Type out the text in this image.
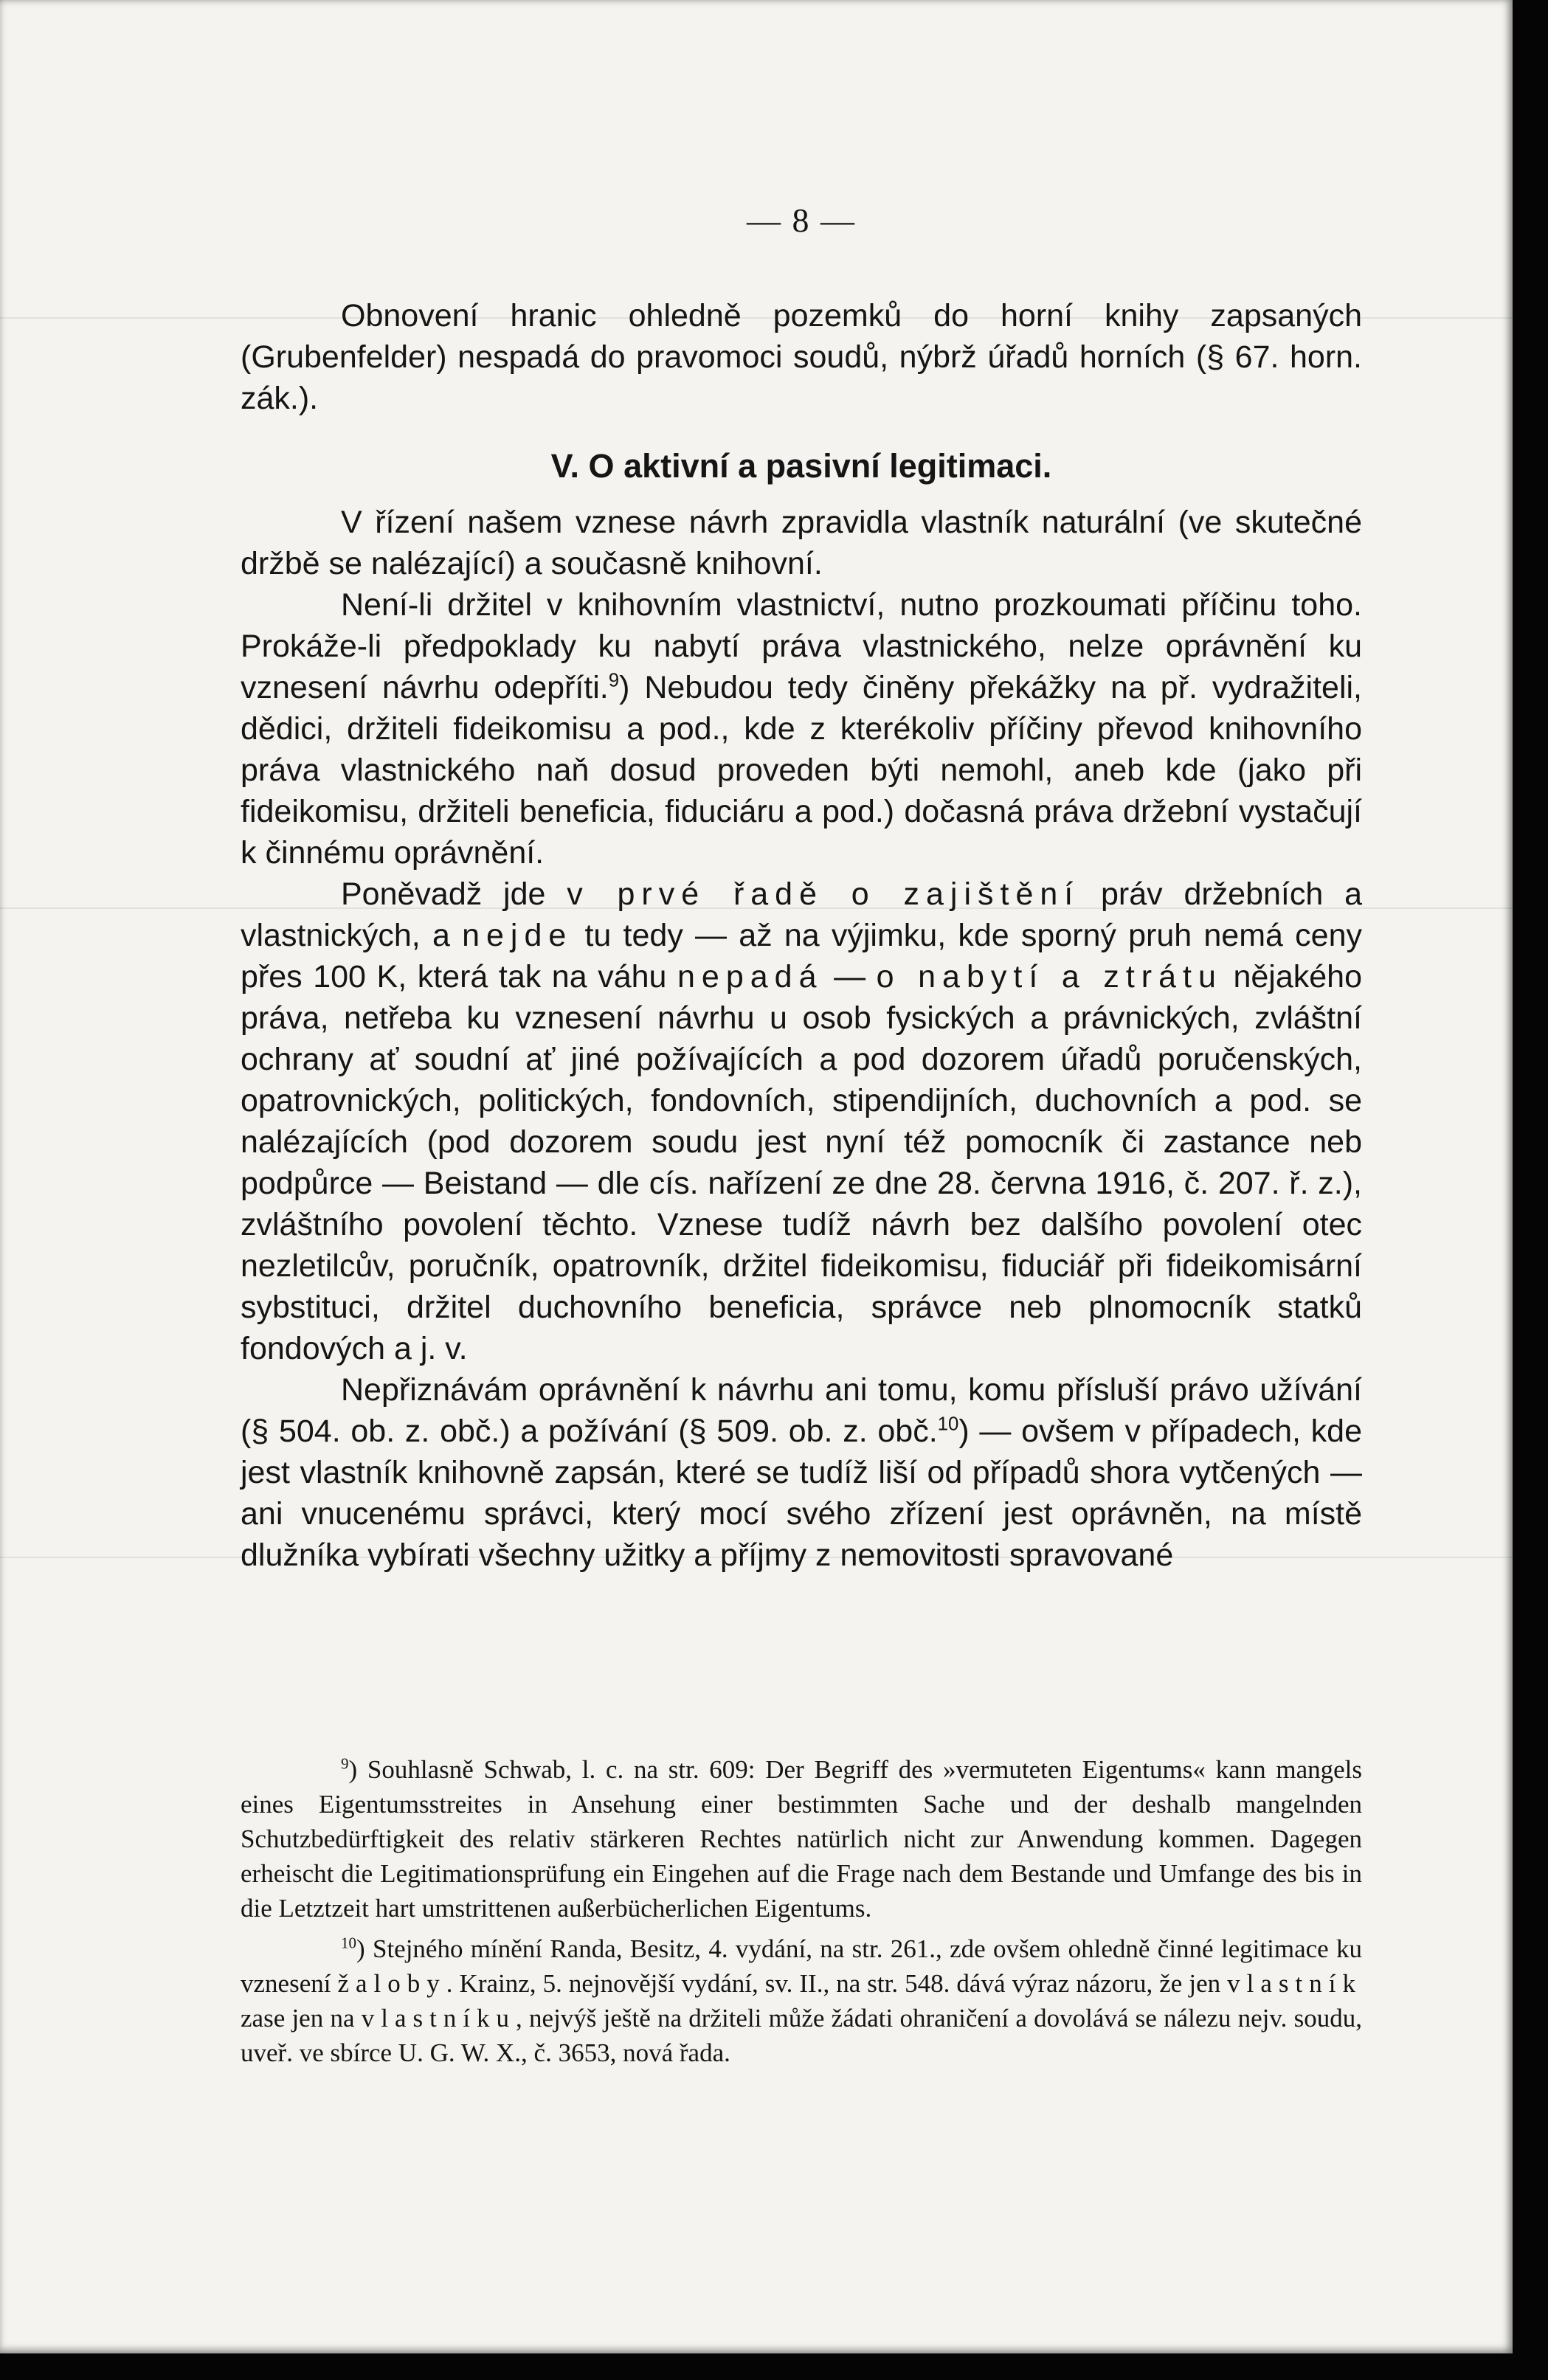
— 8 —

Obnovení hranic ohledně pozemků do horní knihy zapsaných (Grubenfelder) nespadá do pravomoci soudů, nýbrž úřadů horních (§ 67. horn. zák.).

V. O aktivní a pasivní legitimaci.

V řízení našem vznese návrh zpravidla vlastník naturální (ve skutečné držbě se nalézající) a současně knihovní.

Není-li držitel v knihovním vlastnictví, nutno prozkoumati příčinu toho. Prokáže-li předpoklady ku nabytí práva vlastnického, nelze oprávnění ku vznesení návrhu odepříti.$^9$) Nebudou tedy činěny překážky na př. vydražiteli, dědici, držiteli fideikomisu a pod., kde z kterékoliv příčiny převod knihovního práva vlastnického naň dosud proveden býti nemohl, aneb kde (jako při fideikomisu, držiteli beneficia, fiduciáru a pod.) dočasná práva držební vystačují k činnému oprávnění.

Poněvadž jde v prvé řadě o zajištění práv držebních a vlastnických, a nejde tu tedy — až na výjimku, kde sporný pruh nemá ceny přes 100 K, která tak na váhu nepadá — o nabytí a ztrátu nějakého práva, netřeba ku vznesení návrhu u osob fysických a právnických, zvláštní ochrany ať soudní ať jiné požívajících a pod dozorem úřadů poručenských, opatrovnických, politických, fondovních, stipendijních, duchovních a pod. se nalézajících (pod dozorem soudu jest nyní též pomocník či zastance neb podpůrce — Beistand — dle cís. nařízení ze dne 28. června 1916, č. 207. ř. z.), zvláštního povolení těchto. Vznese tudíž návrh bez dalšího povolení otec nezletilcův, poručník, opatrovník, držitel fideikomisu, fiduciář při fideikomisární sybstituci, držitel duchovního beneficia, správce neb plnomocník statků fondových a j. v.

Nepřiznávám oprávnění k návrhu ani tomu, komu přísluší právo užívání (§ 504. ob. z. obč.) a požívání (§ 509. ob. z. obč.$^{10}$) — ovšem v případech, kde jest vlastník knihovně zapsán, které se tudíž liší od případů shora vytčených — ani vnucenému správci, který mocí svého zřízení jest oprávněn, na místě dlužníka vybírati všechny užitky a příjmy z nemovitosti spravované

$^9$) Souhlasně Schwab, l. c. na str. 609: Der Begriff des »vermuteten Eigentums« kann mangels eines Eigentumsstreites in Ansehung einer bestimmten Sache und der deshalb mangelnden Schutzbedürftigkeit des relativ stärkeren Rechtes natürlich nicht zur Anwendung kommen. Dagegen erheischt die Legitimationsprüfung ein Eingehen auf die Frage nach dem Bestande und Umfange des bis in die Letztzeit hart umstrittenen außerbücherlichen Eigentums.

$^{10}$) Stejného mínění Randa, Besitz, 4. vydání, na str. 261., zde ovšem ohledně činné legitimace ku vznesení žaloby. Krainz, 5. nejnovější vydání, sv. II., na str. 548. dává výraz názoru, že jen vlastník zase jen na vlastníku, nejvýš ještě na držiteli může žádati ohraničení a dovolává se nálezu nejv. soudu, uveř. ve sbírce U. G. W. X., č. 3653, nová řada.
